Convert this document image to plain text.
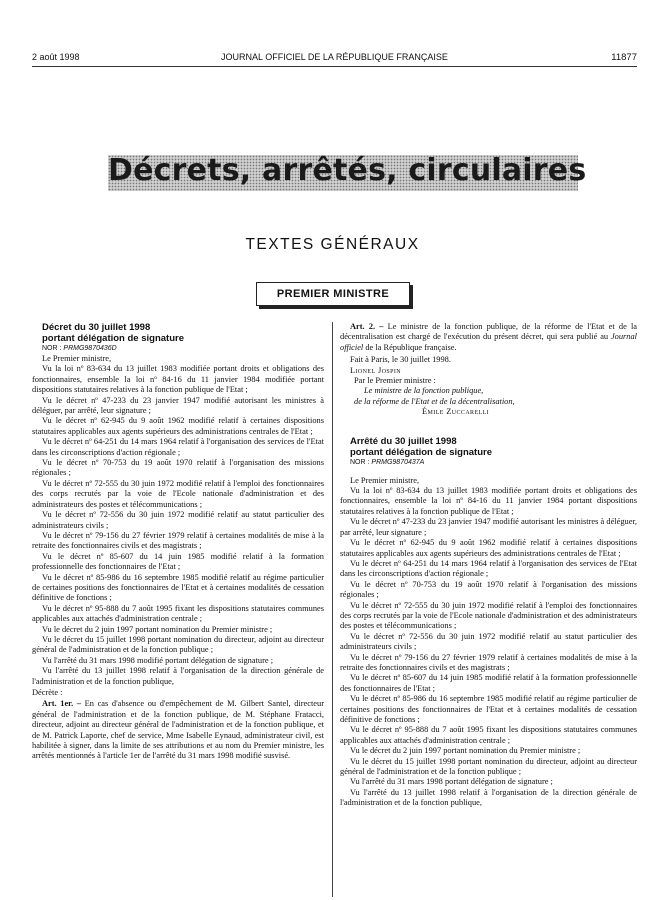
2 août 1998	JOURNAL OFFICIEL DE LA RÉPUBLIQUE FRANÇAISE	11877
Décrets, arrêtés, circulaires
TEXTES GÉNÉRAUX
PREMIER MINISTRE

Décret du 30 juillet 1998

portant délégation de signature

NOR : PRMG9870436D

Le Premier ministre,

Vu la loi nº 83-634 du 13 juillet 1983 modifiée portant droits et obligations des fonctionnaires, ensemble la loi nº 84-16 du 11 janvier 1984 modifiée portant dispositions statutaires relatives à la fonction publique de l'Etat ;

Vu le décret nº 47-233 du 23 janvier 1947 modifié autorisant les ministres à déléguer, par arrêté, leur signature ;

Vu le décret nº 62-945 du 9 août 1962 modifié relatif à certaines dispositions statutaires applicables aux agents supérieurs des administrations centrales de l'Etat ;

Vu le décret nº 64-251 du 14 mars 1964 relatif à l'organisation des services de l'Etat dans les circonscriptions d'action régionale ;

Vu le décret nº 70-753 du 19 août 1970 relatif à l'organisation des missions régionales ;

Vu le décret nº 72-555 du 30 juin 1972 modifié relatif à l'emploi des fonctionnaires des corps recrutés par la voie de l'Ecole nationale d'administration et des administrateurs des postes et télécommunications ;

Vu le décret nº 72-556 du 30 juin 1972 modifié relatif au statut particulier des administrateurs civils ;

Vu le décret nº 79-156 du 27 février 1979 relatif à certaines modalités de mise à la retraite des fonctionnaires civils et des magistrats ;

Vu le décret nº 85-607 du 14 juin 1985 modifié relatif à la formation professionnelle des fonctionnaires de l'Etat ;

Vu le décret nº 85-986 du 16 septembre 1985 modifié relatif au régime particulier de certaines positions des fonctionnaires de l'Etat et à certaines modalités de cessation définitive de fonctions ;

Vu le décret nº 95-888 du 7 août 1995 fixant les dispositions statutaires communes applicables aux attachés d'administration centrale ;

Vu le décret du 2 juin 1997 portant nomination du Premier ministre ;

Vu le décret du 15 juillet 1998 portant nomination du directeur, adjoint au directeur général de l'administration et de la fonction publique ;

Vu l'arrêté du 31 mars 1998 modifié portant délégation de signature ;

Vu l'arrêté du 13 juillet 1998 relatif à l'organisation de la direction générale de l'administration et de la fonction publique,

Décrète :

Art. 1er. – En cas d'absence ou d'empêchement de M. Gilbert Santel, directeur général de l'administration et de la fonction publique, de M. Stéphane Fratacci, directeur, adjoint au directeur général de l'administration et de la fonction publique, et de M. Patrick Laporte, chef de service, Mme Isabelle Eynaud, administrateur civil, est habilitée à signer, dans la limite de ses attributions et au nom du Premier ministre, les arrêtés mentionnés à l'article 1er de l'arrêté du 31 mars 1998 modifié susvisé.

Art. 2. – Le ministre de la fonction publique, de la réforme de l'Etat et de la décentralisation est chargé de l'exécution du présent décret, qui sera publié au Journal officiel de la République française.

Fait à Paris, le 30 juillet 1998.

Lionel Jospin

Par le Premier ministre :

Le ministre de la fonction publique,

de la réforme de l'Etat et de la décentralisation,

Émile Zuccarelli

Arrêté du 30 juillet 1998

portant délégation de signature

NOR : PRMG9870437A

Le Premier ministre,

Vu la loi nº 83-634 du 13 juillet 1983 modifiée portant droits et obligations des fonctionnaires, ensemble la loi nº 84-16 du 11 janvier 1984 portant dispositions statutaires relatives à la fonction publique de l'Etat ;

Vu le décret nº 47-233 du 23 janvier 1947 modifié autorisant les ministres à déléguer, par arrêté, leur signature ;

Vu le décret nº 62-945 du 9 août 1962 modifié relatif à certaines dispositions statutaires applicables aux agents supérieurs des administrations centrales de l'Etat ;

Vu le décret nº 64-251 du 14 mars 1964 relatif à l'organisation des services de l'Etat dans les circonscriptions d'action régionale ;

Vu le décret nº 70-753 du 19 août 1970 relatif à l'organisation des missions régionales ;

Vu le décret nº 72-555 du 30 juin 1972 modifié relatif à l'emploi des fonctionnaires des corps recrutés par la voie de l'Ecole nationale d'administration et des administrateurs des postes et télécommunications ;

Vu le décret nº 72-556 du 30 juin 1972 modifié relatif au statut particulier des administrateurs civils ;

Vu le décret nº 79-156 du 27 février 1979 relatif à certaines modalités de mise à la retraite des fonctionnaires civils et des magistrats ;

Vu le décret nº 85-607 du 14 juin 1985 modifié relatif à la formation professionnelle des fonctionnaires de l'Etat ;

Vu le décret nº 85-986 du 16 septembre 1985 modifié relatif au régime particulier de certaines positions des fonctionnaires de l'Etat et à certaines modalités de cessation définitive de fonctions ;

Vu le décret nº 95-888 du 7 août 1995 fixant les dispositions statutaires communes applicables aux attachés d'administration centrale ;

Vu le décret du 2 juin 1997 portant nomination du Premier ministre ;

Vu le décret du 15 juillet 1998 portant nomination du directeur, adjoint au directeur général de l'administration et de la fonction publique ;

Vu l'arrêté du 31 mars 1998 portant délégation de signature ;

Vu l'arrêté du 13 juillet 1998 relatif à l'organisation de la direction générale de l'administration et de la fonction publique,
